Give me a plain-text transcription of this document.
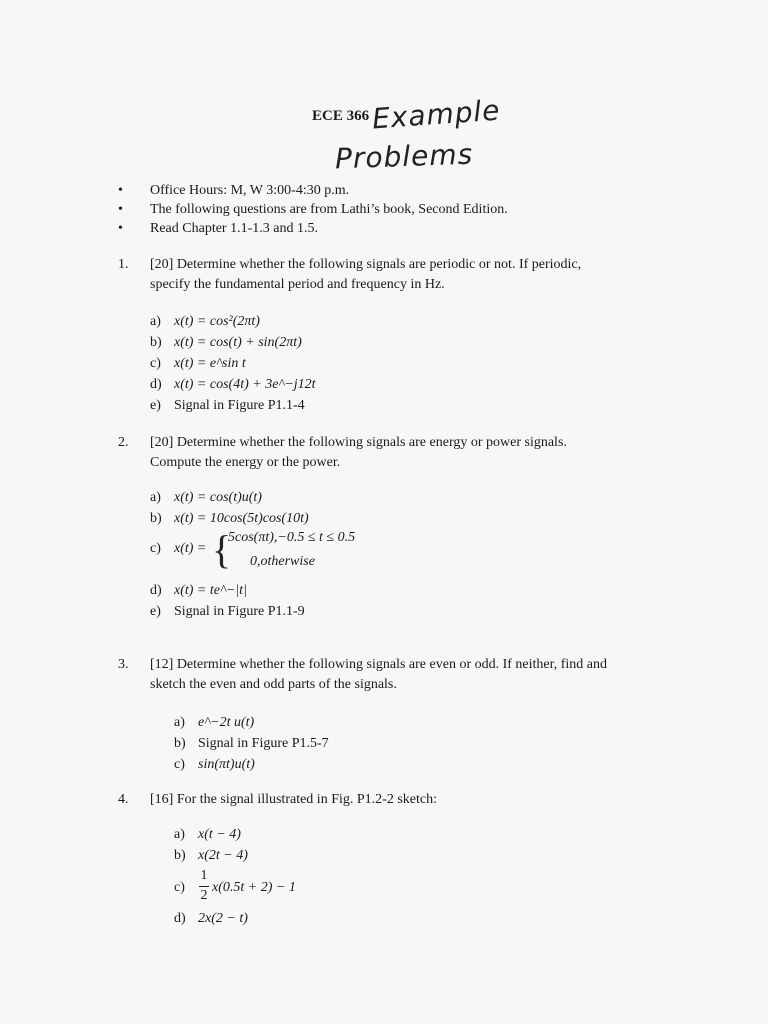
ECE 366 Example
Problems
•	Office Hours: M, W 3:00-4:30 p.m.
•	The following questions are from Lathi’s book, Second Edition.
•	Read Chapter 1.1-1.3 and 1.5.
1. [20] Determine whether the following signals are periodic or not. If periodic,
specify the fundamental period and frequency in Hz.
a) x(t) = cos²(2πt)
b) x(t) = cos(t) + sin(2πt)
c) x(t) = e^sin t
d) x(t) = cos(4t) + 3e^−j12t
e) Signal in Figure P1.1-4
2. [20] Determine whether the following signals are energy or power signals.
Compute the energy or the power.
a) x(t) = cos(t)u(t)
b) x(t) = 10cos(5t)cos(10t)
c) x(t) = {
5cos(πt),−0.5 ≤ t ≤ 0.5
0,otherwise
d) x(t) = te^−|t|
e) Signal in Figure P1.1-9
3. [12] Determine whether the following signals are even or odd. If neither, find and
sketch the even and odd parts of the signals.
a) e^−2t u(t)
b) Signal in Figure P1.5-7
c) sin(πt)u(t)
4. [16] For the signal illustrated in Fig. P1.2-2 sketch:
a) x(t − 4)
b) x(2t − 4)
c)
1
2
x(0.5t + 2) − 1
d) 2x(2 − t)
